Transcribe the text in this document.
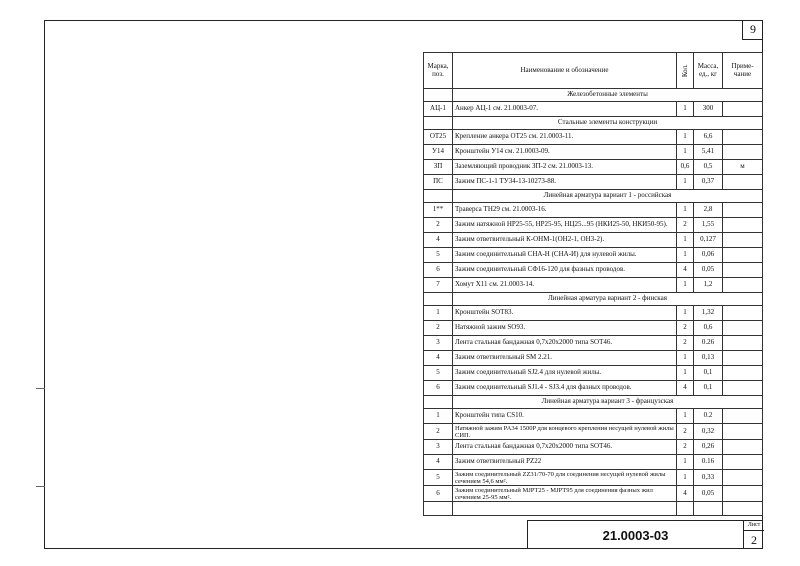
9
Марка, поз.	Наименование и обозначение	Кол.	Масса, ед., кг	Приме-чание
	Железобетонные элементы			
АЦ-1	Анкер АЦ-1 см. 21.0003-07.	1	300	
	Стальные элементы конструкции			
ОТ25	Крепление анкера ОТ25 см. 21.0003-11.	1	6,6	
У14	Кронштейн У14 см. 21.0003-09.	1	5,41	
ЗП	Заземляющий проводник ЗП-2 см. 21.0003-13.	0,6	0,5	м
ПС	Зажим ПС-1-1 ТУ34-13-10273-88.	1	0,37	
	Линейная арматура вариант 1 - российская			
1**	Траверса ТН29 см. 21.0003-16.	1	2,8	
2	Зажим натяжной НР25-55, НР25-95, НЦ25...95 (НКИ25-50, НКИ50-95).	2	1,55	
4	Зажим ответвительный К-ОНМ-1(ОН2-1, ОН3-2).	1	0,127	
5	Зажим соединительный СНА-Н (СНА-И) для нулевой жилы.	1	0,06	
6	Зажим соединительный СФ16-120 для фазных проводов.	4	0,05	
7	Хомут Х11 см. 21.0003-14.	1	1,2	
	Линейная арматура вариант 2 - финская			
1	Кронштейн SOT83.	1	1,32	
2	Натяжной зажим SO93.	2	0,6	
3	Лента стальная бандажная 0,7x20x2000 типа SOT46.	2	0.26	
4	Зажим ответвительный SM 2.21.	1	0,13	
5	Зажим соединительный SJ2.4 для нулевой жилы.	1	0,1	
6	Зажим соединительный SJ1.4 - SJ3.4 для фазных проводов.	4	0,1	
	Линейная арматура вариант 3 - французская			
1	Кронштейн типа CS10.	1	0.2	
2	Натяжной зажим PA34 1500P для концевого крепления несущей нулевой жилы СИП.	2	0,32	
3	Лента стальная бандажная 0,7x20x2000 типа SOT46.	2	0,26	
4	Зажим ответвительный PZ22	1	0.16	
5	Зажим соединительный ZZ31/70-70 для соединения несущей нулевой жилы сечением 54,6 мм².	1	0,33	
6	Зажим соединительный MJPT25 - MJPT95 для соединения фазных жил сечением 25-95 мм².	4	0,05	

21.0003-03
Лист
2
